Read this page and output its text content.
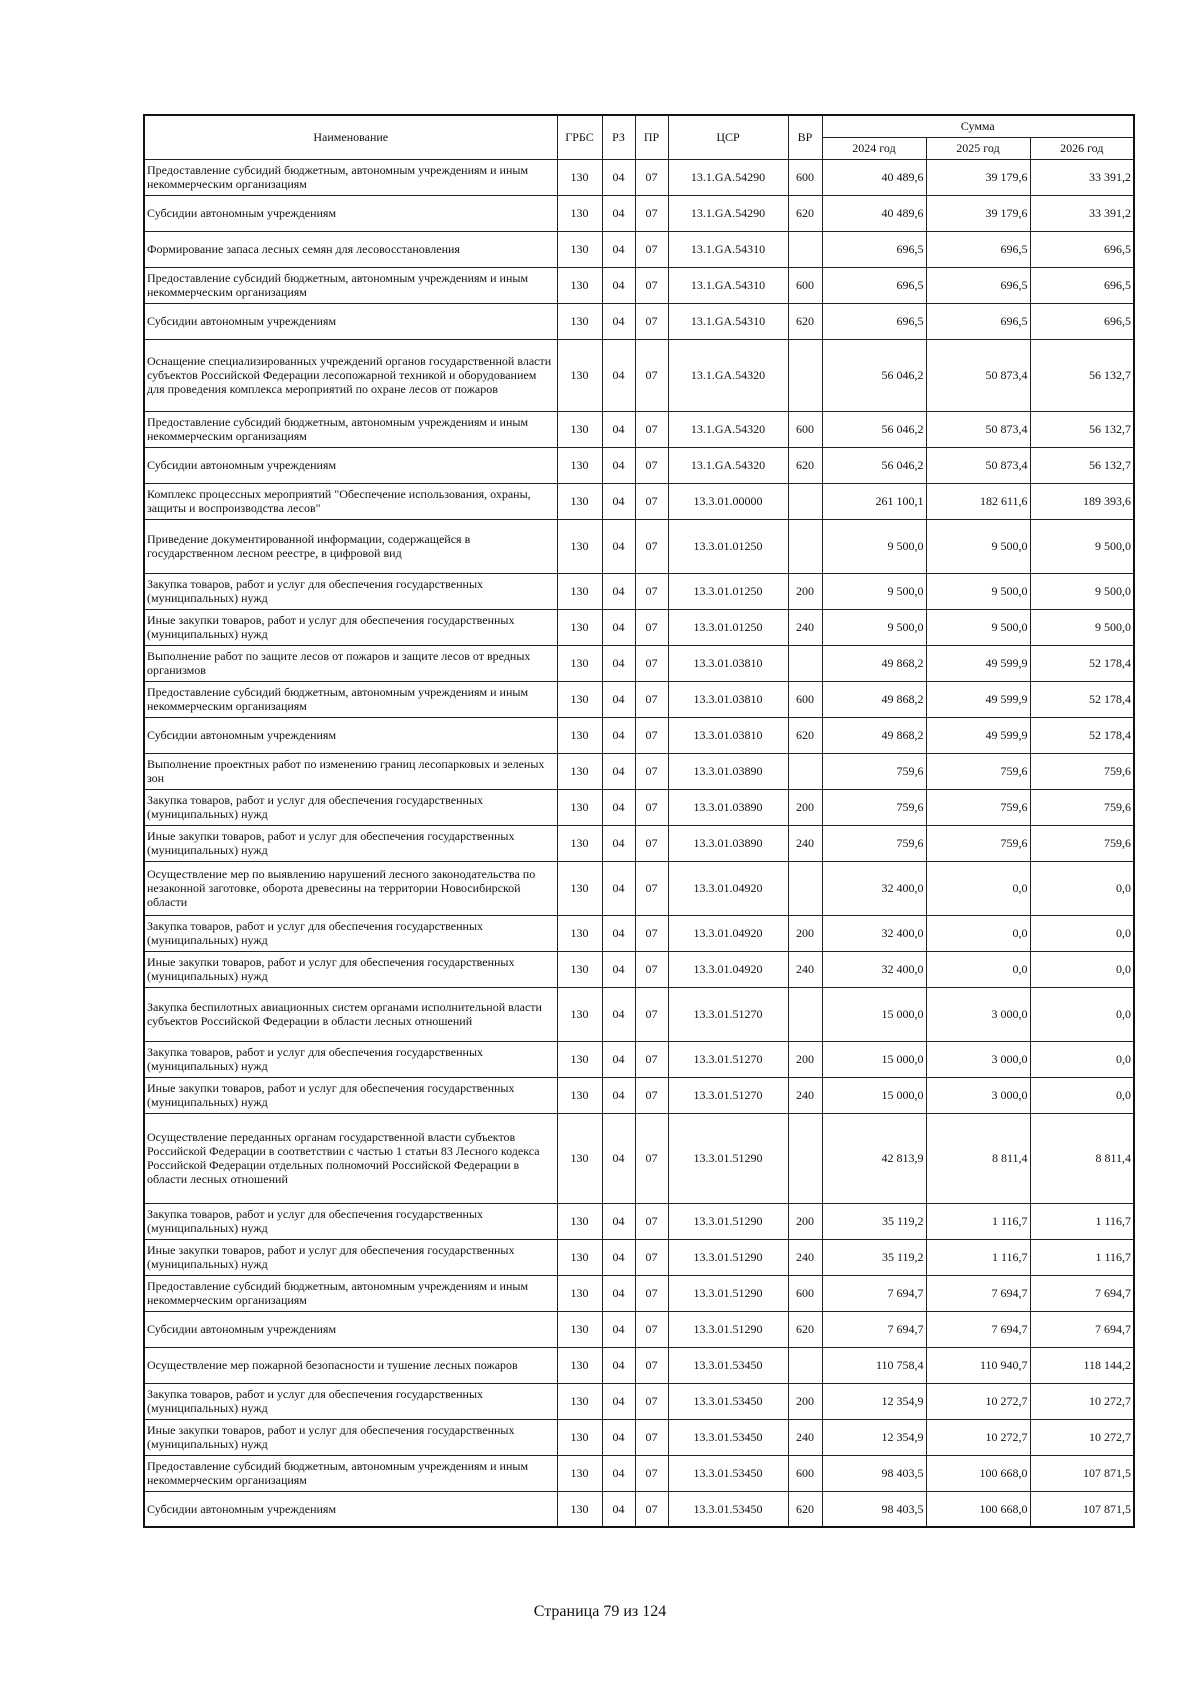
Наименование	ГРБС	РЗ	ПР	ЦСР	ВР	Сумма		
						2024 год	2025 год	2026 год
Предоставление субсидий бюджетным, автономным учреждениям и иным некоммерческим организациям	130	04	07	13.1.GA.54290	600	40 489,6	39 179,6	33 391,2
Субсидии автономным учреждениям	130	04	07	13.1.GA.54290	620	40 489,6	39 179,6	33 391,2
Формирование запаса лесных семян для лесовосстановления	130	04	07	13.1.GA.54310		696,5	696,5	696,5
Предоставление субсидий бюджетным, автономным учреждениям и иным некоммерческим организациям	130	04	07	13.1.GA.54310	600	696,5	696,5	696,5
Субсидии автономным учреждениям	130	04	07	13.1.GA.54310	620	696,5	696,5	696,5
Оснащение специализированных учреждений органов государственной власти субъектов Российской Федерации лесопожарной техникой и оборудованием для проведения комплекса мероприятий по охране лесов от пожаров	130	04	07	13.1.GA.54320		56 046,2	50 873,4	56 132,7
Предоставление субсидий бюджетным, автономным учреждениям и иным некоммерческим организациям	130	04	07	13.1.GA.54320	600	56 046,2	50 873,4	56 132,7
Субсидии автономным учреждениям	130	04	07	13.1.GA.54320	620	56 046,2	50 873,4	56 132,7
Комплекс процессных мероприятий "Обеспечение использования, охраны, защиты и воспроизводства лесов"	130	04	07	13.3.01.00000		261 100,1	182 611,6	189 393,6
Приведение документированной информации, содержащейся в государственном лесном реестре, в цифровой вид	130	04	07	13.3.01.01250		9 500,0	9 500,0	9 500,0
Закупка товаров, работ и услуг для обеспечения государственных (муниципальных) нужд	130	04	07	13.3.01.01250	200	9 500,0	9 500,0	9 500,0
Иные закупки товаров, работ и услуг для обеспечения государственных (муниципальных) нужд	130	04	07	13.3.01.01250	240	9 500,0	9 500,0	9 500,0
Выполнение работ по защите лесов от пожаров и защите лесов от вредных организмов	130	04	07	13.3.01.03810		49 868,2	49 599,9	52 178,4
Предоставление субсидий бюджетным, автономным учреждениям и иным некоммерческим организациям	130	04	07	13.3.01.03810	600	49 868,2	49 599,9	52 178,4
Субсидии автономным учреждениям	130	04	07	13.3.01.03810	620	49 868,2	49 599,9	52 178,4
Выполнение проектных работ по изменению границ лесопарковых и зеленых зон	130	04	07	13.3.01.03890		759,6	759,6	759,6
Закупка товаров, работ и услуг для обеспечения государственных (муниципальных) нужд	130	04	07	13.3.01.03890	200	759,6	759,6	759,6
Иные закупки товаров, работ и услуг для обеспечения государственных (муниципальных) нужд	130	04	07	13.3.01.03890	240	759,6	759,6	759,6
Осуществление мер по выявлению нарушений лесного законодательства по незаконной заготовке, оборота древесины на территории Новосибирской области	130	04	07	13.3.01.04920		32 400,0	0,0	0,0
Закупка товаров, работ и услуг для обеспечения государственных (муниципальных) нужд	130	04	07	13.3.01.04920	200	32 400,0	0,0	0,0
Иные закупки товаров, работ и услуг для обеспечения государственных (муниципальных) нужд	130	04	07	13.3.01.04920	240	32 400,0	0,0	0,0
Закупка беспилотных авиационных систем органами исполнительной власти субъектов Российской Федерации в области лесных отношений	130	04	07	13.3.01.51270		15 000,0	3 000,0	0,0
Закупка товаров, работ и услуг для обеспечения государственных (муниципальных) нужд	130	04	07	13.3.01.51270	200	15 000,0	3 000,0	0,0
Иные закупки товаров, работ и услуг для обеспечения государственных (муниципальных) нужд	130	04	07	13.3.01.51270	240	15 000,0	3 000,0	0,0
Осуществление переданных органам государственной власти субъектов Российской Федерации в соответствии с частью 1 статьи 83 Лесного кодекса Российской Федерации отдельных полномочий Российской Федерации в области лесных отношений	130	04	07	13.3.01.51290		42 813,9	8 811,4	8 811,4
Закупка товаров, работ и услуг для обеспечения государственных (муниципальных) нужд	130	04	07	13.3.01.51290	200	35 119,2	1 116,7	1 116,7
Иные закупки товаров, работ и услуг для обеспечения государственных (муниципальных) нужд	130	04	07	13.3.01.51290	240	35 119,2	1 116,7	1 116,7
Предоставление субсидий бюджетным, автономным учреждениям и иным некоммерческим организациям	130	04	07	13.3.01.51290	600	7 694,7	7 694,7	7 694,7
Субсидии автономным учреждениям	130	04	07	13.3.01.51290	620	7 694,7	7 694,7	7 694,7
Осуществление мер пожарной безопасности и тушение лесных пожаров	130	04	07	13.3.01.53450		110 758,4	110 940,7	118 144,2
Закупка товаров, работ и услуг для обеспечения государственных (муниципальных) нужд	130	04	07	13.3.01.53450	200	12 354,9	10 272,7	10 272,7
Иные закупки товаров, работ и услуг для обеспечения государственных (муниципальных) нужд	130	04	07	13.3.01.53450	240	12 354,9	10 272,7	10 272,7
Предоставление субсидий бюджетным, автономным учреждениям и иным некоммерческим организациям	130	04	07	13.3.01.53450	600	98 403,5	100 668,0	107 871,5
Субсидии автономным учреждениям	130	04	07	13.3.01.53450	620	98 403,5	100 668,0	107 871,5
Страница 79 из 124
